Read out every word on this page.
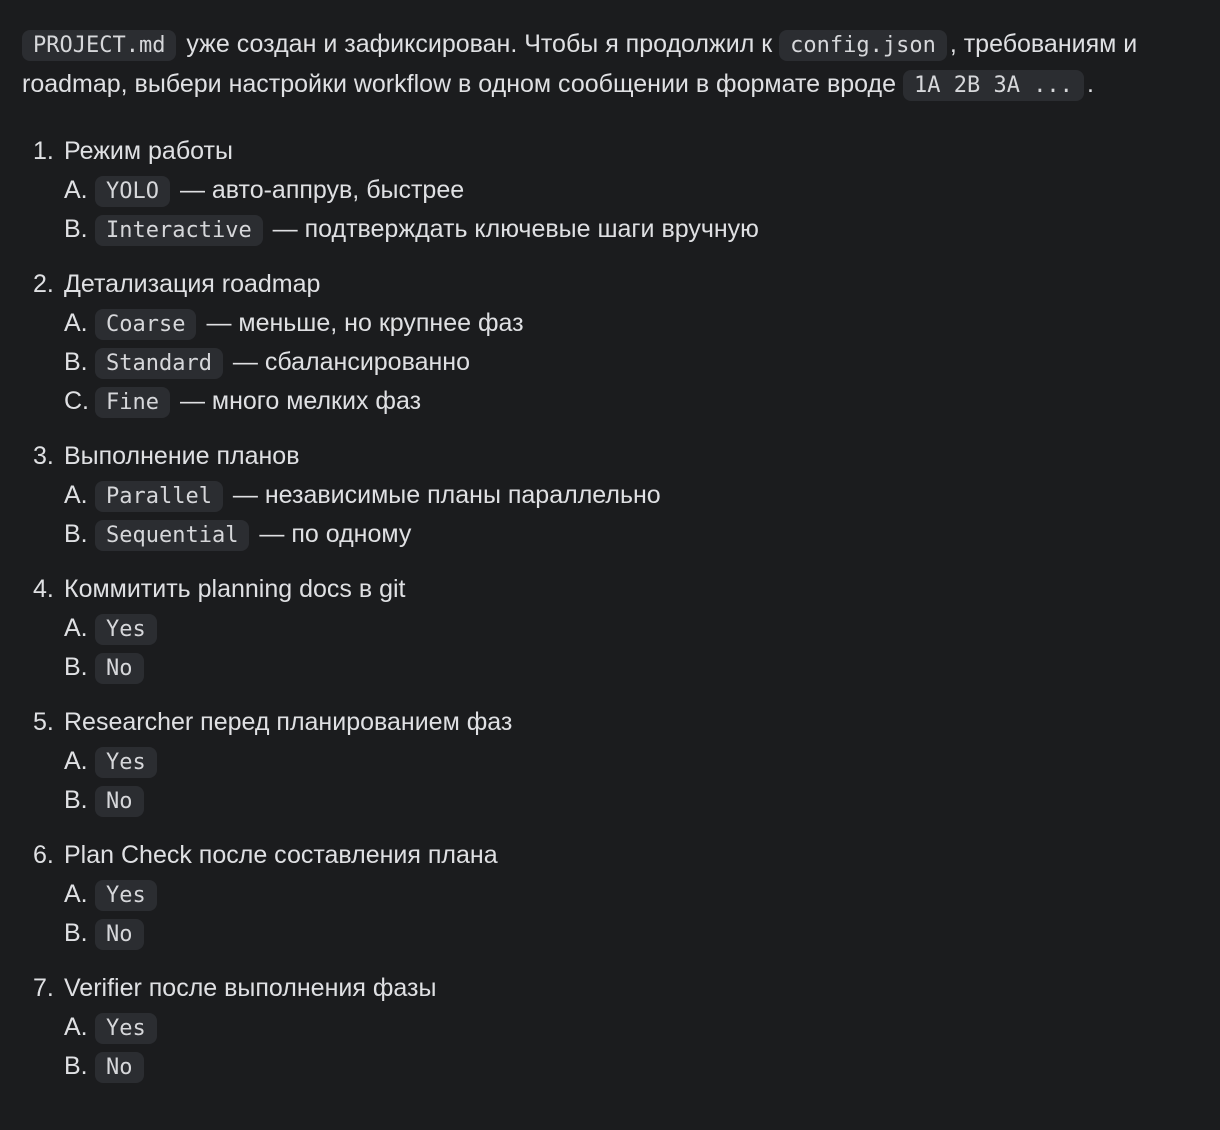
PROJECT.md уже создан и зафиксирован. Чтобы я продолжил к config.json , требованиям и roadmap, выбери настройки workflow в одном сообщении в формате вроде 1A 2B 3A ... .

1. Режим работы
A. YOLO — авто-аппрув, быстрее
B. Interactive — подтверждать ключевые шаги вручную
2. Детализация roadmap
A. Coarse — меньше, но крупнее фаз
B. Standard — сбалансированно
C. Fine — много мелких фаз
3. Выполнение планов
A. Parallel — независимые планы параллельно
B. Sequential — по одному
4. Коммитить planning docs в git
A. Yes
B. No
5. Researcher перед планированием фаз
A. Yes
B. No
6. Plan Check после составления плана
A. Yes
B. No
7. Verifier после выполнения фазы
A. Yes
B. No
